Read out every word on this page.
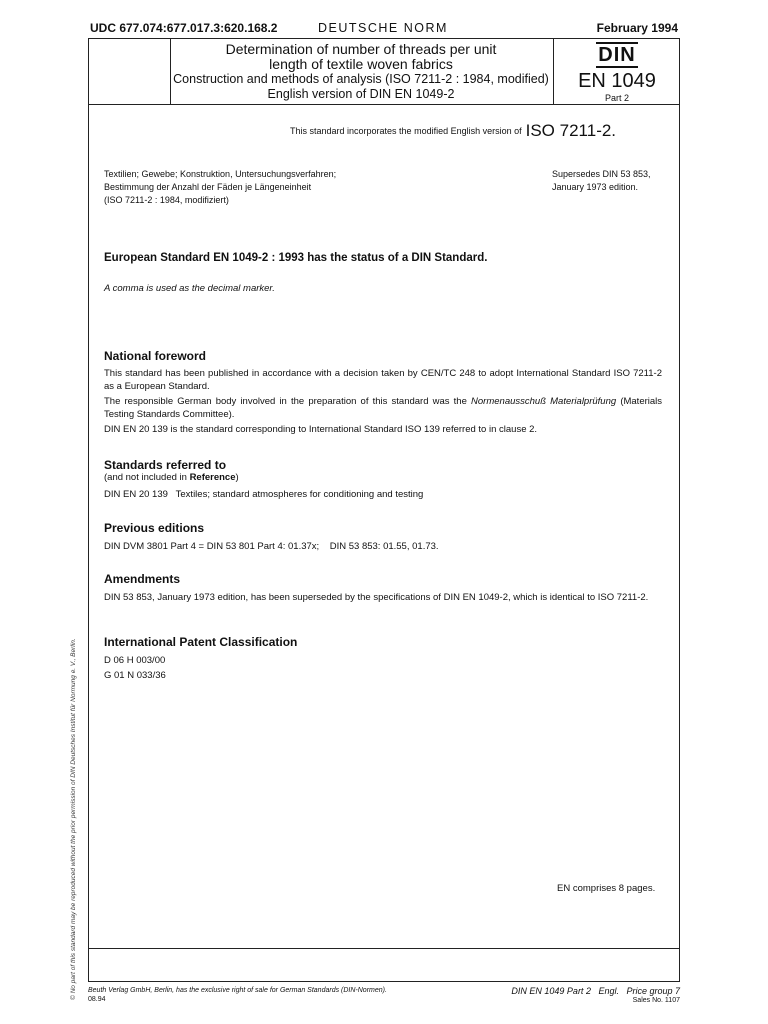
UDC 677.074:677.017.3:620.168.2	DEUTSCHE NORM	February 1994
Determination of number of threads per unit
length of textile woven fabrics
Construction and methods of analysis (ISO 7211-2 : 1984, modified)
English version of DIN EN 1049-2
DIN
EN 1049
Part 2
This standard incorporates the modified English version of ISO 7211-2.
Textilien; Gewebe; Konstruktion, Untersuchungsverfahren;
Bestimmung der Anzahl der Fäden je Längeneinheit
(ISO 7211-2 : 1984, modifiziert)
Supersedes DIN 53 853,
January 1973 edition.
European Standard EN 1049-2 : 1993 has the status of a DIN Standard.
A comma is used as the decimal marker.
National foreword
This standard has been published in accordance with a decision taken by CEN/TC 248 to adopt International Standard ISO 7211-2 as a European Standard.
The responsible German body involved in the preparation of this standard was the Normenausschuß Materialprüfung (Materials Testing Standards Committee).
DIN EN 20 139 is the standard corresponding to International Standard ISO 139 referred to in clause 2.
Standards referred to
(and not included in Reference)
DIN EN 20 139   Textiles; standard atmospheres for conditioning and testing
Previous editions
DIN DVM 3801 Part 4 = DIN 53 801 Part 4: 01.37x;    DIN 53 853: 01.55, 01.73.
Amendments
DIN 53 853, January 1973 edition, has been superseded by the specifications of DIN EN 1049-2, which is identical to ISO 7211-2.
International Patent Classification
D 06 H 003/00
G 01 N 033/36
EN comprises 8 pages.
© No part of this standard may be reproduced without the prior permission of DIN Deutsches Institut für Normung e. V., Berlin. Beuth Verlag GmbH, Berlin, has the exclusive right of sale for German Standards (DIN-Normen).
08.94
DIN EN 1049 Part 2   Engl.   Price group 7
Sales No. 1107
